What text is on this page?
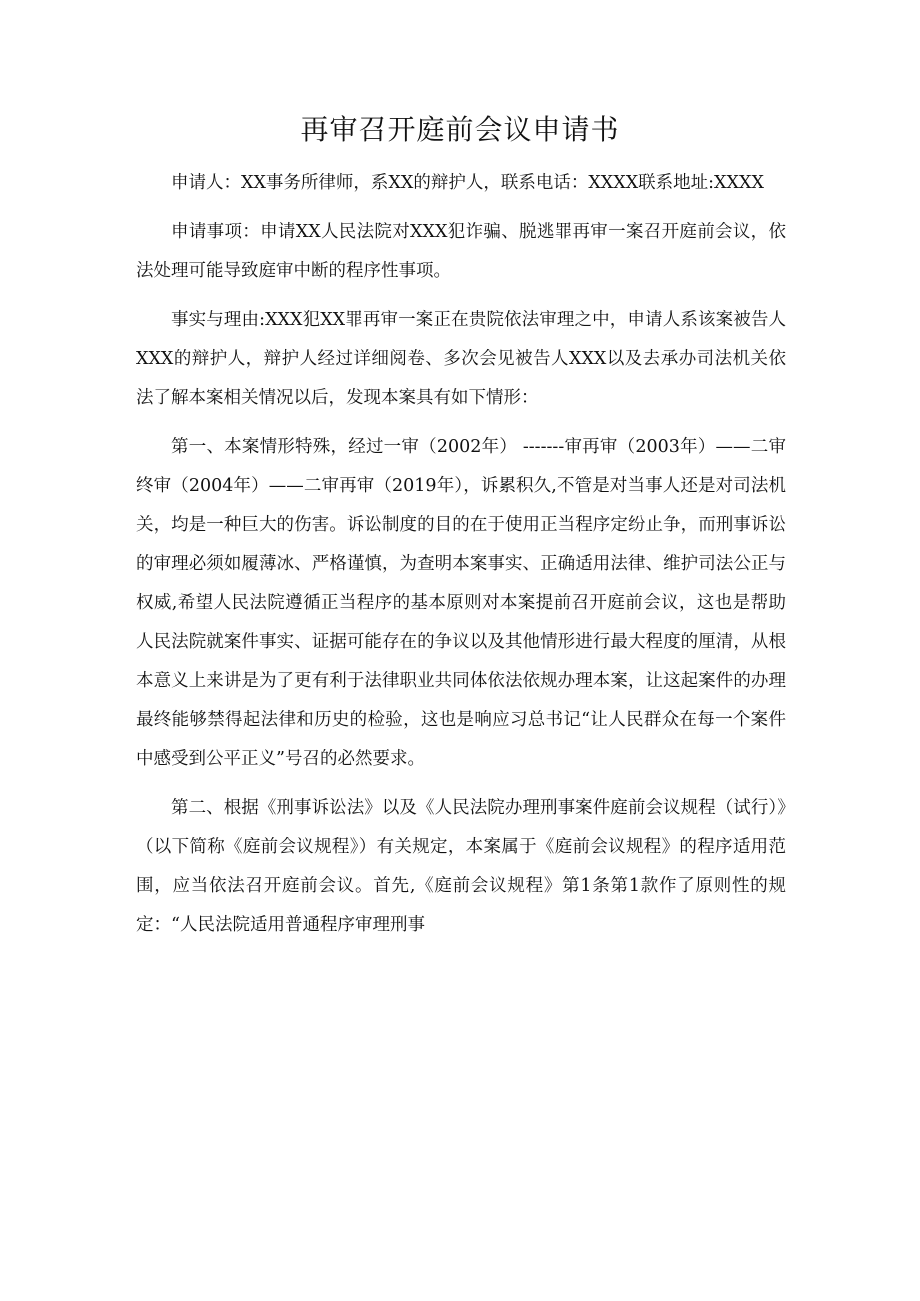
再审召开庭前会议申请书

申请人：XX事务所律师，系XX的辩护人，联系电话：XXXX联系地址:XXXX

申请事项：申请XX人民法院对XXX犯诈骗、脱逃罪再审一案召开庭前会议，依法处理可能导致庭审中断的程序性事项。

事实与理由:XXX犯XX罪再审一案正在贵院依法审理之中，申请人系该案被告人XXX的辩护人，辩护人经过详细阅卷、多次会见被告人XXX以及去承办司法机关依法了解本案相关情况以后，发现本案具有如下情形：

第一、本案情形特殊，经过一审（2002年） -------审再审（2003年）——二审终审（2004年）——二审再审（2019年），诉累积久,不管是对当事人还是对司法机关，均是一种巨大的伤害。诉讼制度的目的在于使用正当程序定纷止争，而刑事诉讼的审理必须如履薄冰、严格谨慎，为查明本案事实、正确适用法律、维护司法公正与权威,希望人民法院遵循正当程序的基本原则对本案提前召开庭前会议，这也是帮助人民法院就案件事实、证据可能存在的争议以及其他情形进行最大程度的厘清，从根本意义上来讲是为了更有利于法律职业共同体依法依规办理本案，让这起案件的办理最终能够禁得起法律和历史的检验，这也是响应习总书记“让人民群众在每一个案件中感受到公平正义”号召的必然要求。

第二、根据《刑事诉讼法》以及《人民法院办理刑事案件庭前会议规程（试行）》（以下简称《庭前会议规程》）有关规定，本案属于《庭前会议规程》的程序适用范围，应当依法召开庭前会议。首先,《庭前会议规程》第1条第1款作了原则性的规定：“人民法院适用普通程序审理刑事
